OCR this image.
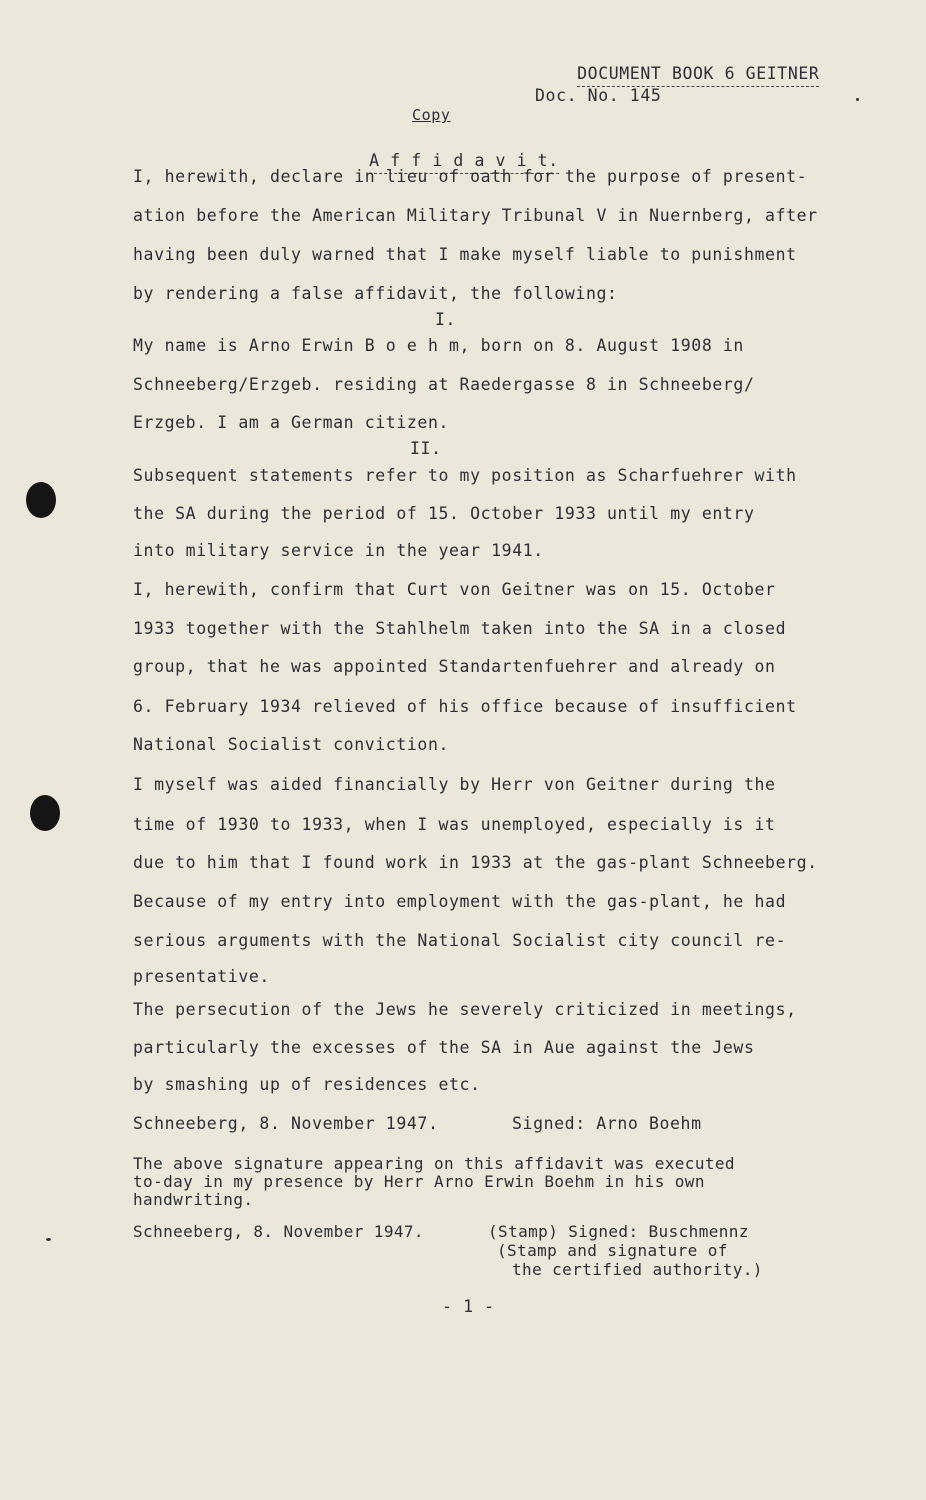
DOCUMENT BOOK 6 GEITNER

Doc. No. 145
Copy

A f f i d a v i t.

I, herewith, declare in lieu of oath for the purpose of present-
ation before the American Military Tribunal V in Nuernberg, after
having been duly warned that I make myself liable to punishment
by rendering a false affidavit, the following:
I.
My name is Arno Erwin B o e h m, born on 8. August 1908 in
Schneeberg/Erzgeb. residing at Raedergasse 8 in Schneeberg/
Erzgeb. I am a German citizen.
II.
Subsequent statements refer to my position as Scharfuehrer with
the SA during the period of 15. October 1933 until my entry
into military service in the year 1941.
I, herewith, confirm that Curt von Geitner was on 15. October
1933 together with the Stahlhelm taken into the SA in a closed
group, that he was appointed Standartenfuehrer and already on
6. February 1934 relieved of his office because of insufficient
National Socialist conviction.
I myself was aided financially by Herr von Geitner during the
time of 1930 to 1933, when I was unemployed, especially is it
due to him that I found work in 1933 at the gas-plant Schneeberg.
Because of my entry into employment with the gas-plant, he had
serious arguments with the National Socialist city council re-
presentative.
The persecution of the Jews he severely criticized in meetings,
particularly the excesses of the SA in Aue against the Jews
by smashing up of residences etc.
Schneeberg, 8. November 1947.	Signed: Arno Boehm
The above signature appearing on this affidavit was executed
to-day in my presence by Herr Arno Erwin Boehm in his own
handwriting.
Schneeberg, 8. November 1947.	(Stamp) Signed: Buschmennz
(Stamp and signature of
the certified authority.)
- 1 -
